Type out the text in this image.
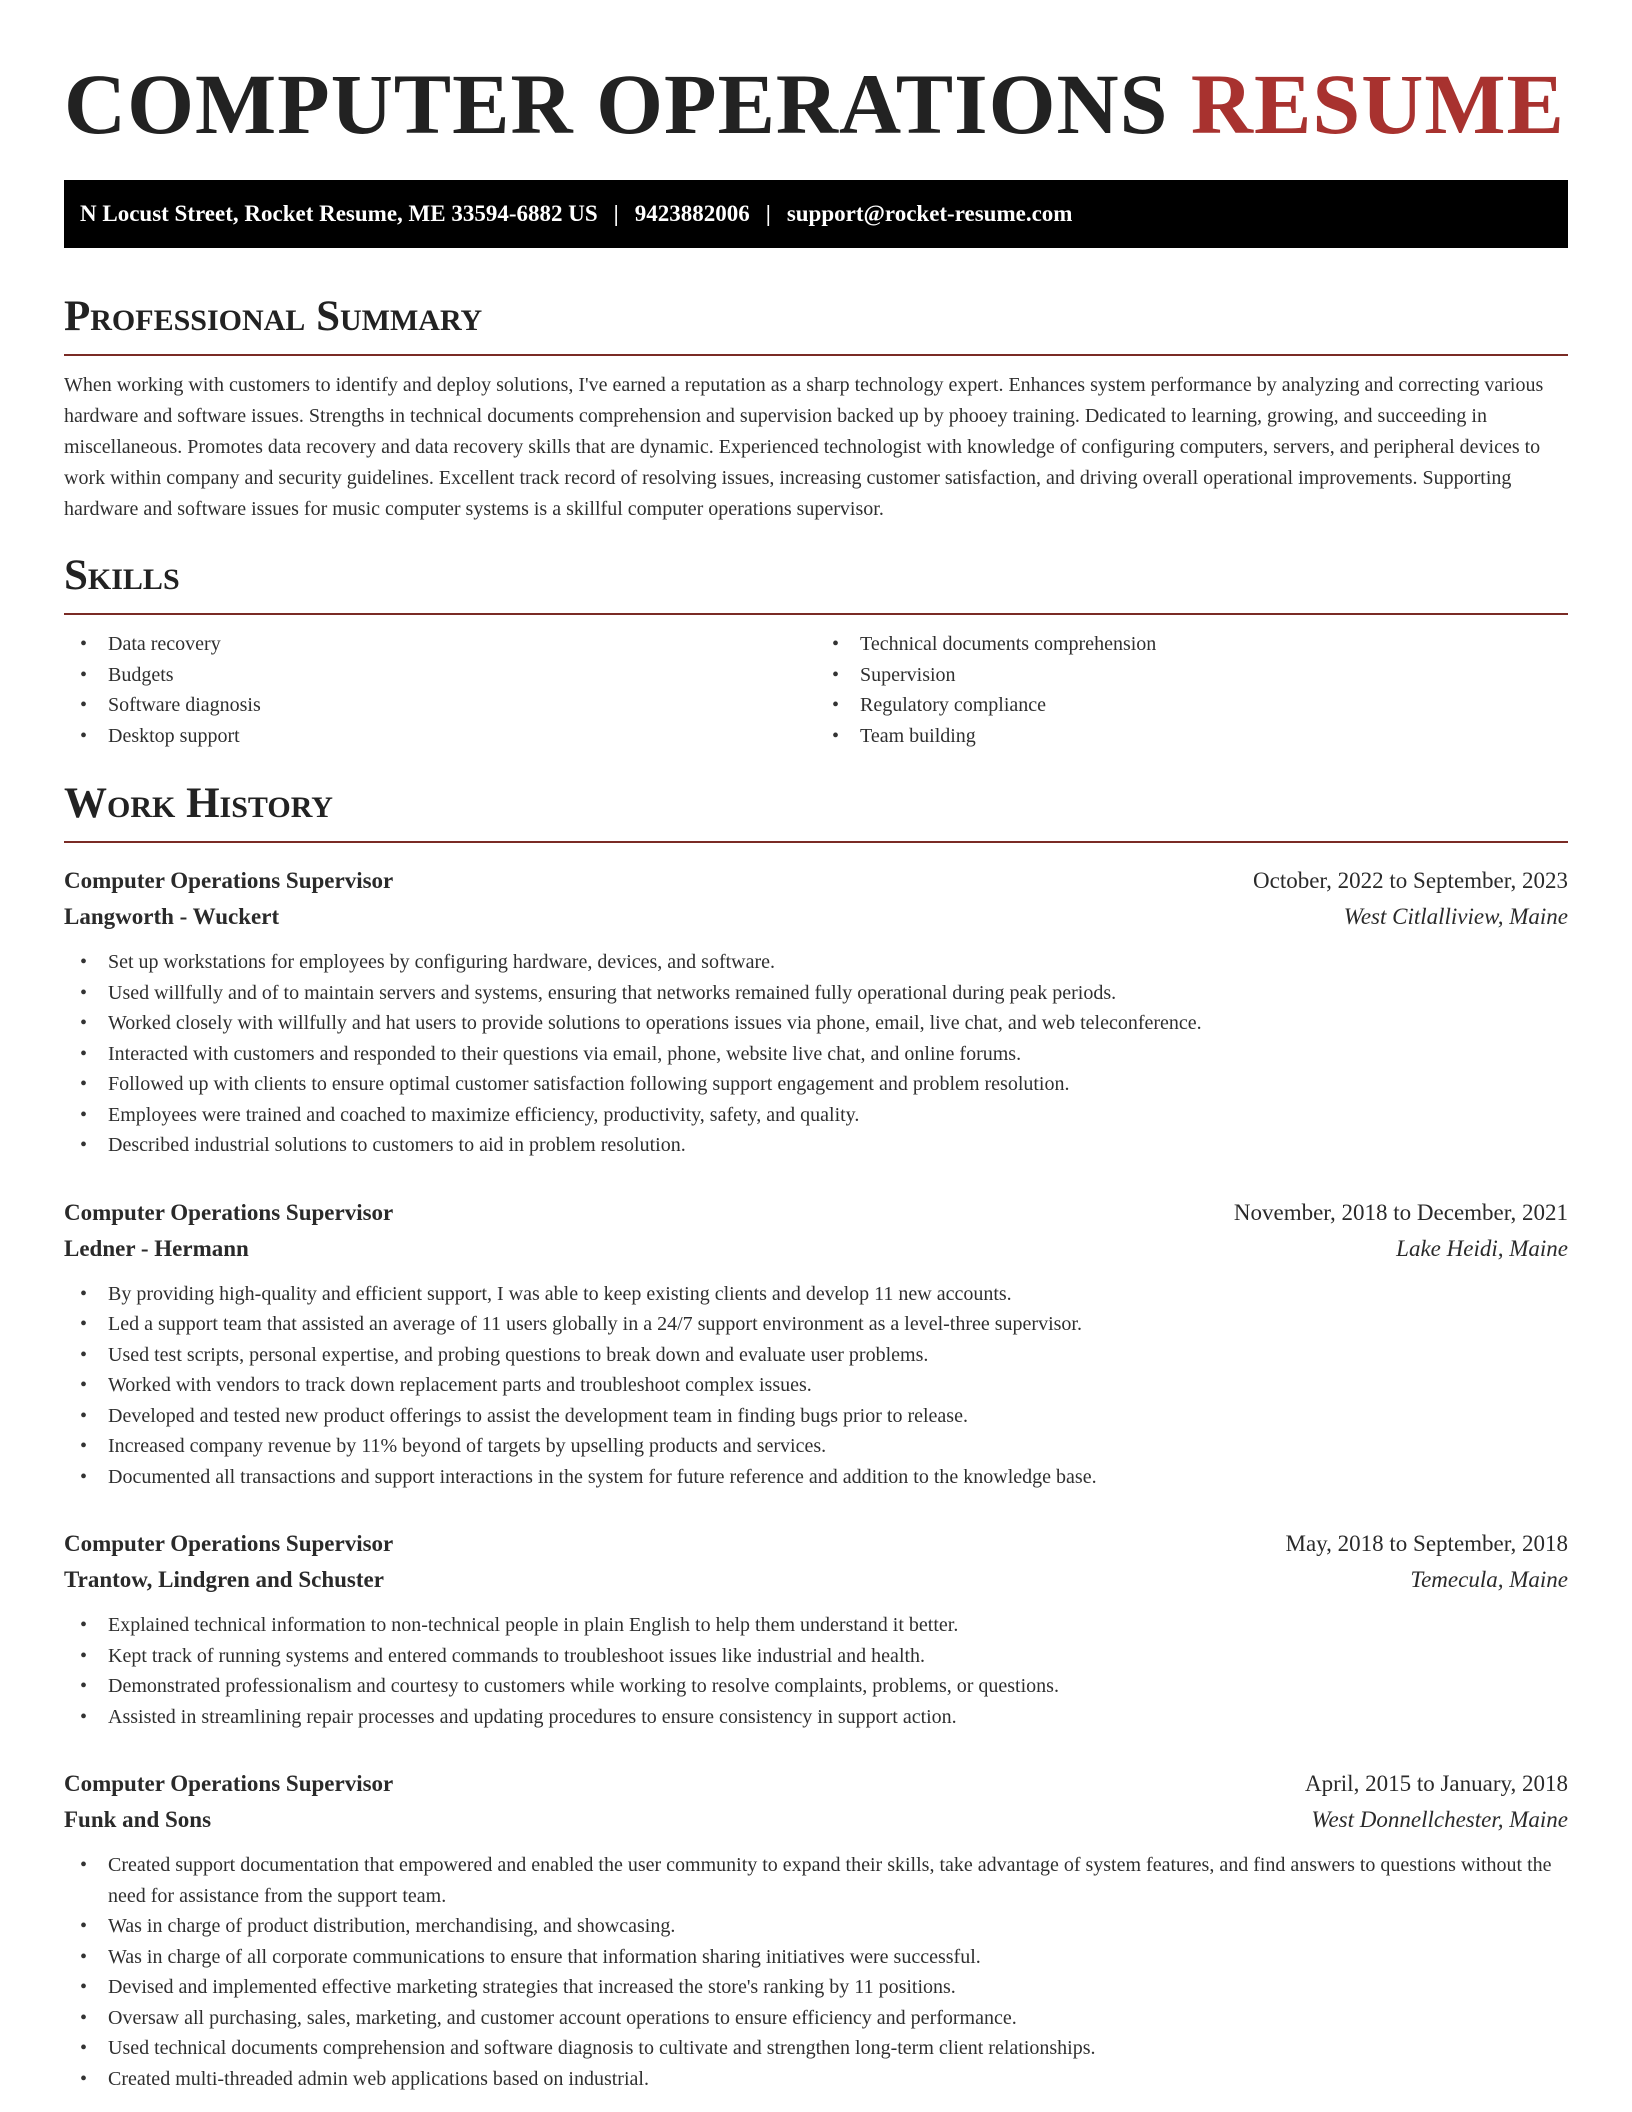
COMPUTER OPERATIONS RESUME
N Locust Street, Rocket Resume, ME 33594-6882 US | 9423882006 | support@rocket-resume.com
Professional Summary

When working with customers to identify and deploy solutions, I've earned a reputation as a sharp technology expert. Enhances system performance by analyzing and correcting various hardware and software issues. Strengths in technical documents comprehension and supervision backed up by phooey training. Dedicated to learning, growing, and succeeding in miscellaneous. Promotes data recovery and data recovery skills that are dynamic. Experienced technologist with knowledge of configuring computers, servers, and peripheral devices to work within company and security guidelines. Excellent track record of resolving issues, increasing customer satisfaction, and driving overall operational improvements. Supporting hardware and software issues for music computer systems is a skillful computer operations supervisor.

Skills
• Data recovery
• Budgets
• Software diagnosis
• Desktop support
• Technical documents comprehension
• Supervision
• Regulatory compliance
• Team building
Work History
Computer Operations Supervisor	October, 2022 to September, 2023
Langworth - Wuckert	West Citlalliview, Maine
• Set up workstations for employees by configuring hardware, devices, and software.
• Used willfully and of to maintain servers and systems, ensuring that networks remained fully operational during peak periods.
• Worked closely with willfully and hat users to provide solutions to operations issues via phone, email, live chat, and web teleconference.
• Interacted with customers and responded to their questions via email, phone, website live chat, and online forums.
• Followed up with clients to ensure optimal customer satisfaction following support engagement and problem resolution.
• Employees were trained and coached to maximize efficiency, productivity, safety, and quality.
• Described industrial solutions to customers to aid in problem resolution.
Computer Operations Supervisor	November, 2018 to December, 2021
Ledner - Hermann	Lake Heidi, Maine
• By providing high-quality and efficient support, I was able to keep existing clients and develop 11 new accounts.
• Led a support team that assisted an average of 11 users globally in a 24/7 support environment as a level-three supervisor.
• Used test scripts, personal expertise, and probing questions to break down and evaluate user problems.
• Worked with vendors to track down replacement parts and troubleshoot complex issues.
• Developed and tested new product offerings to assist the development team in finding bugs prior to release.
• Increased company revenue by 11% beyond of targets by upselling products and services.
• Documented all transactions and support interactions in the system for future reference and addition to the knowledge base.
Computer Operations Supervisor	May, 2018 to September, 2018
Trantow, Lindgren and Schuster	Temecula, Maine
• Explained technical information to non-technical people in plain English to help them understand it better.
• Kept track of running systems and entered commands to troubleshoot issues like industrial and health.
• Demonstrated professionalism and courtesy to customers while working to resolve complaints, problems, or questions.
• Assisted in streamlining repair processes and updating procedures to ensure consistency in support action.
Computer Operations Supervisor	April, 2015 to January, 2018
Funk and Sons	West Donnellchester, Maine
• Created support documentation that empowered and enabled the user community to expand their skills, take advantage of system features, and find answers to questions without the need for assistance from the support team.
• Was in charge of product distribution, merchandising, and showcasing.
• Was in charge of all corporate communications to ensure that information sharing initiatives were successful.
• Devised and implemented effective marketing strategies that increased the store's ranking by 11 positions.
• Oversaw all purchasing, sales, marketing, and customer account operations to ensure efficiency and performance.
• Used technical documents comprehension and software diagnosis to cultivate and strengthen long-term client relationships.
• Created multi-threaded admin web applications based on industrial.
